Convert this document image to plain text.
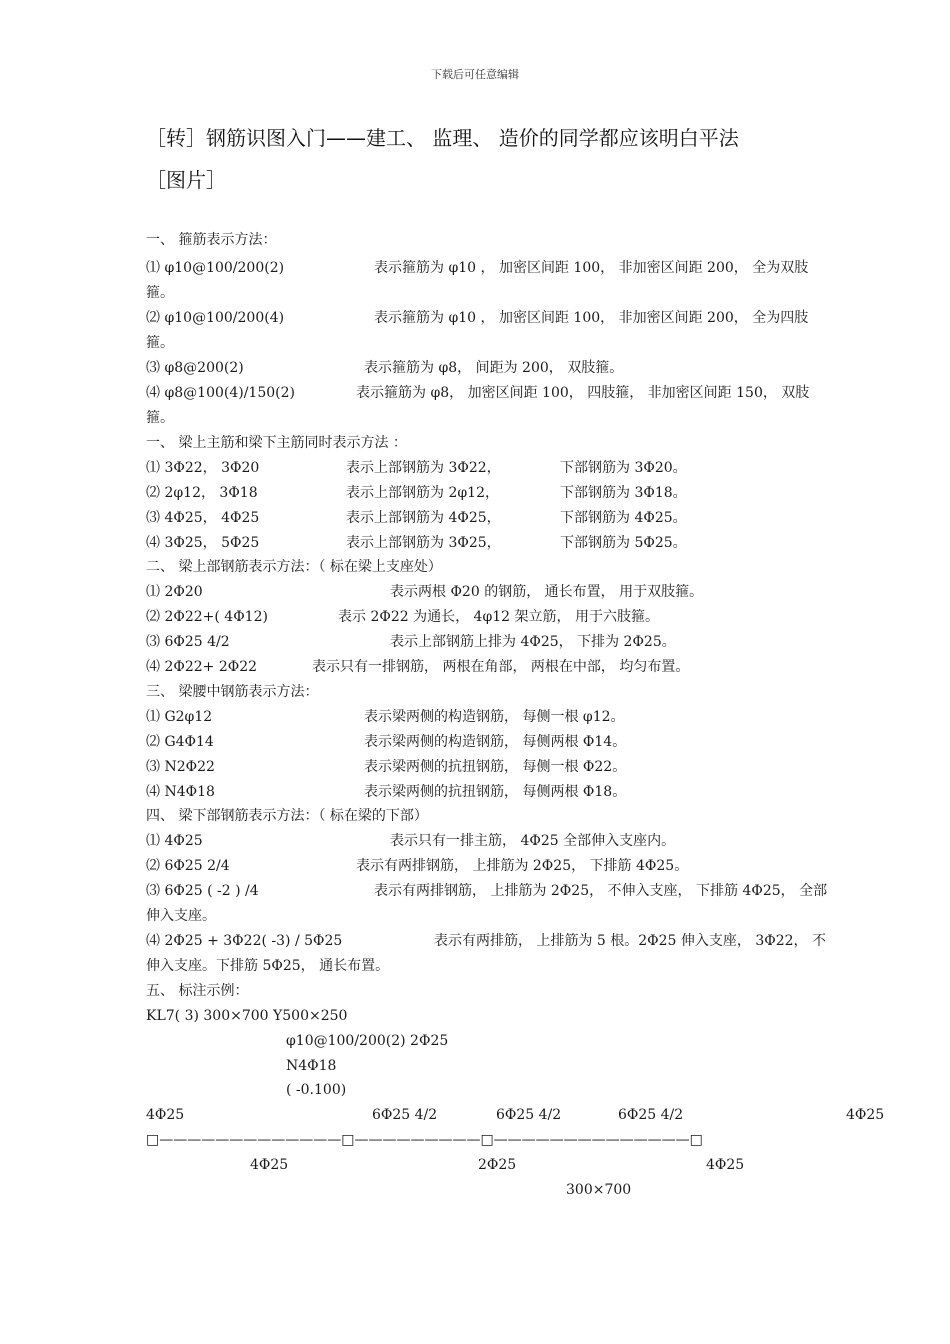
下载后可任意编辑
［转］钢筋识图入门——建工、 监理、 造价的同学都应该明白平法
［图片］
一、 箍筋表示方法：
⑴ φ10@100/200(2)	表示箍筋为 φ10 ， 加密区间距 100， 非加密区间距 200， 全为双肢
箍。
⑵ φ10@100/200(4)	表示箍筋为 φ10 ， 加密区间距 100， 非加密区间距 200， 全为四肢
箍。
⑶ φ8@200(2)	表示箍筋为 φ8， 间距为 200， 双肢箍。
⑷ φ8@100(4)/150(2)	表示箍筋为 φ8， 加密区间距 100， 四肢箍， 非加密区间距 150， 双肢
箍。
一、 梁上主筋和梁下主筋同时表示方法 ：
⑴ 3Φ22， 3Φ20	表示上部钢筋为 3Φ22，	下部钢筋为 3Φ20。
⑵ 2φ12， 3Φ18	表示上部钢筋为 2φ12，	下部钢筋为 3Φ18。
⑶ 4Φ25， 4Φ25	表示上部钢筋为 4Φ25，	下部钢筋为 4Φ25。
⑷ 3Φ25， 5Φ25	表示上部钢筋为 3Φ25，	下部钢筋为 5Φ25。
二、 梁上部钢筋表示方法：（ 标在梁上支座处）
⑴ 2Φ20	表示两根 Φ20 的钢筋， 通长布置， 用于双肢箍。
⑵ 2Φ22+( 4Φ12)	表示 2Φ22 为通长， 4φ12 架立筋， 用于六肢箍。
⑶ 6Φ25 4/2	表示上部钢筋上排为 4Φ25， 下排为 2Φ25。
⑷ 2Φ22+ 2Φ22	表示只有一排钢筋， 两根在角部， 两根在中部， 均匀布置。
三、 梁腰中钢筋表示方法：
⑴ G2φ12	表示梁两侧的构造钢筋， 每侧一根 φ12。
⑵ G4Φ14	表示梁两侧的构造钢筋， 每侧两根 Φ14。
⑶ N2Φ22	表示梁两侧的抗扭钢筋， 每侧一根 Φ22。
⑷ N4Φ18	表示梁两侧的抗扭钢筋， 每侧两根 Φ18。
四、 梁下部钢筋表示方法：（ 标在梁的下部）
⑴ 4Φ25	表示只有一排主筋， 4Φ25 全部伸入支座内。
⑵ 6Φ25 2/4	表示有两排钢筋， 上排筋为 2Φ25， 下排筋 4Φ25。
⑶ 6Φ25 ( -2 ) /4	表示有两排钢筋， 上排筋为 2Φ25， 不伸入支座， 下排筋 4Φ25， 全部
伸入支座。
⑷ 2Φ25 + 3Φ22( -3) / 5Φ25	表示有两排筋， 上排筋为 5 根。2Φ25 伸入支座， 3Φ22， 不
伸入支座。下排筋 5Φ25， 通长布置。
五、 标注示例：
KL7( 3) 300×700 Y500×250
φ10@100/200(2) 2Φ25
N4Φ18
( -0.100)
4Φ25	6Φ25 4/2	6Φ25 4/2	6Φ25 4/2	4Φ25
□—————————————□—————————□——————————————□
4Φ25	2Φ25	4Φ25
300×700
